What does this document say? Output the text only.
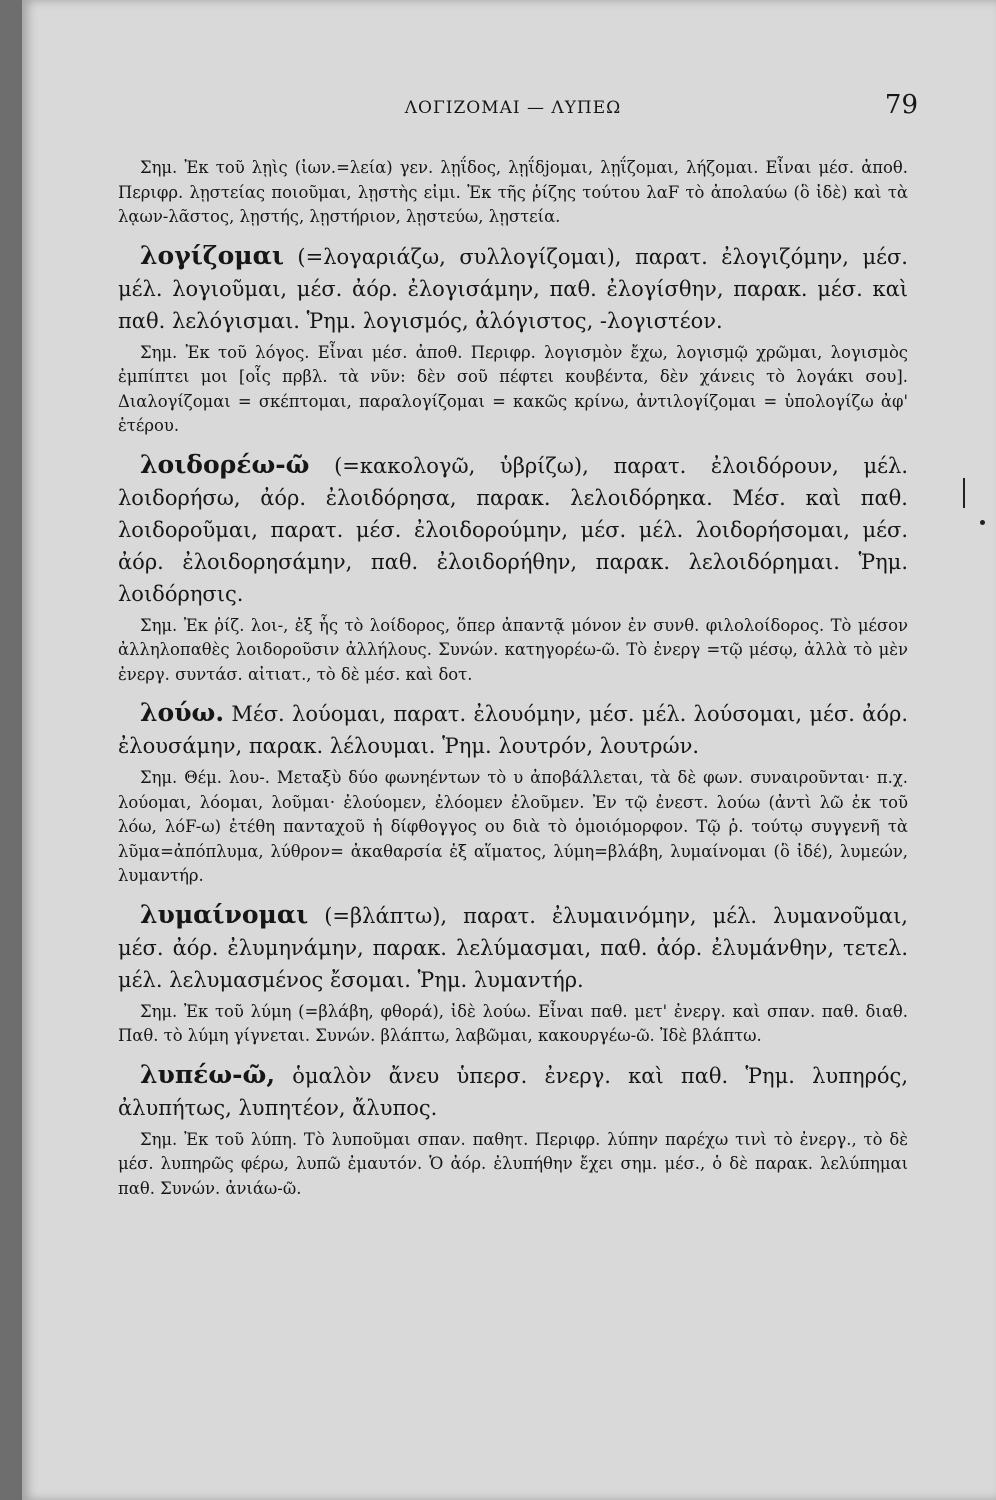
ΛΟΓΙΖΟΜΑΙ — ΛΥΠΕΩ	79

Σημ. Ἐκ τοῦ λῃὶς (ἰων.=λεία) γεν. λῃΐδος, λῃΐδjομαι, λῃΐζομαι, λήζομαι. Εἶναι μέσ. ἀποθ. Περιφρ. λῃστείας ποιοῦμαι, λῃστὴς εἰμι. Ἐκ τῆς ῥίζης τούτου λαF τὸ ἀπολαύω (ὃ ἰδὲ) καὶ τὰ λᾳων-λᾶστος, λῃστής, λῃστήριον, λῃστεύω, λῃστεία.

λογίζομαι (=λογαριάζω, συλλογίζομαι), παρατ. ἐλογιζόμην, μέσ. μέλ. λογιοῦμαι, μέσ. ἀόρ. ἐλογισάμην, παθ. ἐλογίσθην, παρακ. μέσ. καὶ παθ. λελόγισμαι. Ῥημ. λογισμός, ἀλόγιστος, -λογιστέον.

Σημ. Ἐκ τοῦ λόγος. Εἶναι μέσ. ἀποθ. Περιφρ. λογισμὸν ἔχω, λογισμῷ χρῶμαι, λογισμὸς ἐμπίπτει μοι [οἷς πρβλ. τὰ νῦν: δὲν σοῦ πέφτει κουβέντα, δὲν χάνεις τὸ λογάκι σου]. Διαλογίζομαι = σκέπτομαι, παραλογίζομαι = κακῶς κρίνω, ἀντιλογίζομαι = ὑπολογίζω ἀφ' ἑτέρου.

λοιδορέω-ῶ (=κακολογῶ, ὑβρίζω), παρατ. ἐλοιδόρουν, μέλ. λοιδορήσω, ἀόρ. ἐλοιδόρησα, παρακ. λελοιδόρηκα. Μέσ. καὶ παθ. λοιδοροῦμαι, παρατ. μέσ. ἐλοιδορούμην, μέσ. μέλ. λοιδορήσομαι, μέσ. ἀόρ. ἐλοιδορησάμην, παθ. ἐλοιδορήθην, παρακ. λελοιδόρημαι. Ῥημ. λοιδόρησις.

Σημ. Ἐκ ῥίζ. λοι-, ἐξ ἧς τὸ λοίδορος, ὅπερ ἀπαντᾷ μόνον ἐν συνθ. φιλολοίδορος. Τὸ μέσον ἀλληλοπαθὲς λοιδοροῦσιν ἀλλήλους. Συνών. κατηγορέω-ῶ. Τὸ ἐνεργ =τῷ μέσῳ, ἀλλὰ τὸ μὲν ἐνεργ. συντάσ. αἰτιατ., τὸ δὲ μέσ. καὶ δοτ.

λούω. Μέσ. λούομαι, παρατ. ἐλουόμην, μέσ. μέλ. λούσομαι, μέσ. ἀόρ. ἐλουσάμην, παρακ. λέλουμαι. Ῥημ. λουτρόν, λουτρών.

Σημ. Θέμ. λου-. Μεταξὺ δύο φωνηέντων τὸ υ ἀποβάλλεται, τὰ δὲ φων. συναιροῦνται· π.χ. λούομαι, λόομαι, λοῦμαι· ἐλούομεν, ἐλόομεν ἐλοῦμεν. Ἐν τῷ ἐνεστ. λούω (ἀντὶ λῶ ἐκ τοῦ λόω, λόF-ω) ἐτέθη πανταχοῦ ἡ δίφθογγος ου διὰ τὸ ὁμοιόμορφον. Τῷ ῥ. τούτῳ συγγενῆ τὰ λῦμα=ἀπόπλυμα, λύθρον= ἀκαθαρσία ἐξ αἵματος, λύμη=βλάβη, λυμαίνομαι (ὃ ἰδέ), λυμεών, λυμαντήρ.

λυμαίνομαι (=βλάπτω), παρατ. ἐλυμαινόμην, μέλ. λυμανοῦμαι, μέσ. ἀόρ. ἐλυμηνάμην, παρακ. λελύμασμαι, παθ. ἀόρ. ἐλυμάνθην, τετελ. μέλ. λελυμασμένος ἔσομαι. Ῥημ. λυμαντήρ.

Σημ. Ἐκ τοῦ λύμη (=βλάβη, φθορά), ἰδὲ λούω. Εἶναι παθ. μετ' ἐνεργ. καὶ σπαν. παθ. διαθ. Παθ. τὸ λύμη γίγνεται. Συνών. βλάπτω, λαβῶμαι, κακουργέω-ῶ. Ἰδὲ βλάπτω.

λυπέω-ῶ, ὁμαλὸν ἄνευ ὑπερσ. ἐνεργ. καὶ παθ. Ῥημ. λυπηρός, ἀλυπήτως, λυπητέον, ἄλυπος.

Σημ. Ἐκ τοῦ λύπη. Τὸ λυποῦμαι σπαν. παθητ. Περιφρ. λύπην παρέχω τινὶ τὸ ἐνεργ., τὸ δὲ μέσ. λυπηρῶς φέρω, λυπῶ ἐμαυτόν. Ὁ ἀόρ. ἐλυπήθην ἔχει σημ. μέσ., ὁ δὲ παρακ. λελύπημαι παθ. Συνών. ἀνιάω-ῶ.
